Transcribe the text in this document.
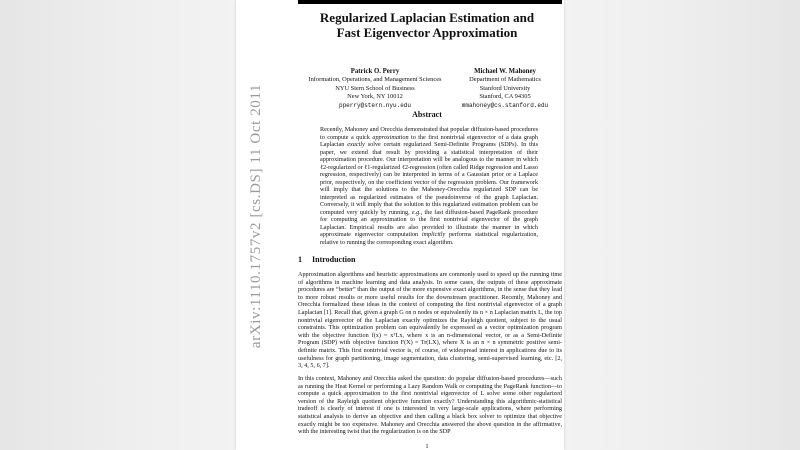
arXiv:1110.1757v2 [cs.DS] 11 Oct 2011
Regularized Laplacian Estimation and
Fast Eigenvector Approximation
Patrick O. Perry
Information, Operations, and Management Sciences
NYU Stern School of Business
New York, NY 10012
pperry@stern.nyu.edu
Michael W. Mahoney
Department of Mathematics
Stanford University
Stanford, CA 94305
mmahoney@cs.stanford.edu
Abstract

Recently, Mahoney and Orecchia demonstrated that popular diffusion-based procedures to compute a quick approximation to the first nontrivial eigenvector of a data graph Laplacian exactly solve certain regularized Semi-Definite Programs (SDPs). In this paper, we extend that result by providing a statistical interpretation of their approximation procedure. Our interpretation will be analogous to the manner in which ℓ2-regularized or ℓ1-regularized ℓ2-regression (often called Ridge regression and Lasso regression, respectively) can be interpreted in terms of a Gaussian prior or a Laplace prior, respectively, on the coefficient vector of the regression problem. Our framework will imply that the solutions to the Mahoney-Orecchia regularized SDP can be interpreted as regularized estimates of the pseudoinverse of the graph Laplacian. Conversely, it will imply that the solution to this regularized estimation problem can be computed very quickly by running, e.g., the fast diffusion-based PageRank procedure for computing an approximation to the first nontrivial eigenvector of the graph Laplacian. Empirical results are also provided to illustrate the manner in which approximate eigenvector computation implicitly performs statistical regularization, relative to running the corresponding exact algorithm.

1 Introduction

Approximation algorithms and heuristic approximations are commonly used to speed up the running time of algorithms in machine learning and data analysis. In some cases, the outputs of these approximate procedures are “better” than the output of the more expensive exact algorithms, in the sense that they lead to more robust results or more useful results for the downstream practitioner. Recently, Mahoney and Orecchia formalized these ideas in the context of computing the first nontrivial eigenvector of a graph Laplacian [1]. Recall that, given a graph G on n nodes or equivalently its n × n Laplacian matrix L, the top nontrivial eigenvector of the Laplacian exactly optimizes the Rayleigh quotient, subject to the usual constraints. This optimization problem can equivalently be expressed as a vector optimization program with the objective function f(x) = xᵀLx, where x is an n-dimensional vector, or as a Semi-Definite Program (SDP) with objective function F(X) = Tr(LX), where X is an n × n symmetric positive semi-definite matrix. This first nontrivial vector is, of course, of widespread interest in applications due to its usefulness for graph partitioning, image segmentation, data clustering, semi-supervised learning, etc. [2, 3, 4, 5, 6, 7].

In this context, Mahoney and Orecchia asked the question: do popular diffusion-based procedures—such as running the Heat Kernel or performing a Lazy Random Walk or computing the PageRank function—to compute a quick approximation to the first nontrivial eigenvector of L solve some other regularized version of the Rayleigh quotient objective function exactly? Understanding this algorithmic-statistical tradeoff is clearly of interest if one is interested in very large-scale applications, where performing statistical analysis to derive an objective and then calling a black box solver to optimize that objective exactly might be too expensive. Mahoney and Orecchia answered the above question in the affirmative, with the interesting twist that the regularization is on the SDP

1
